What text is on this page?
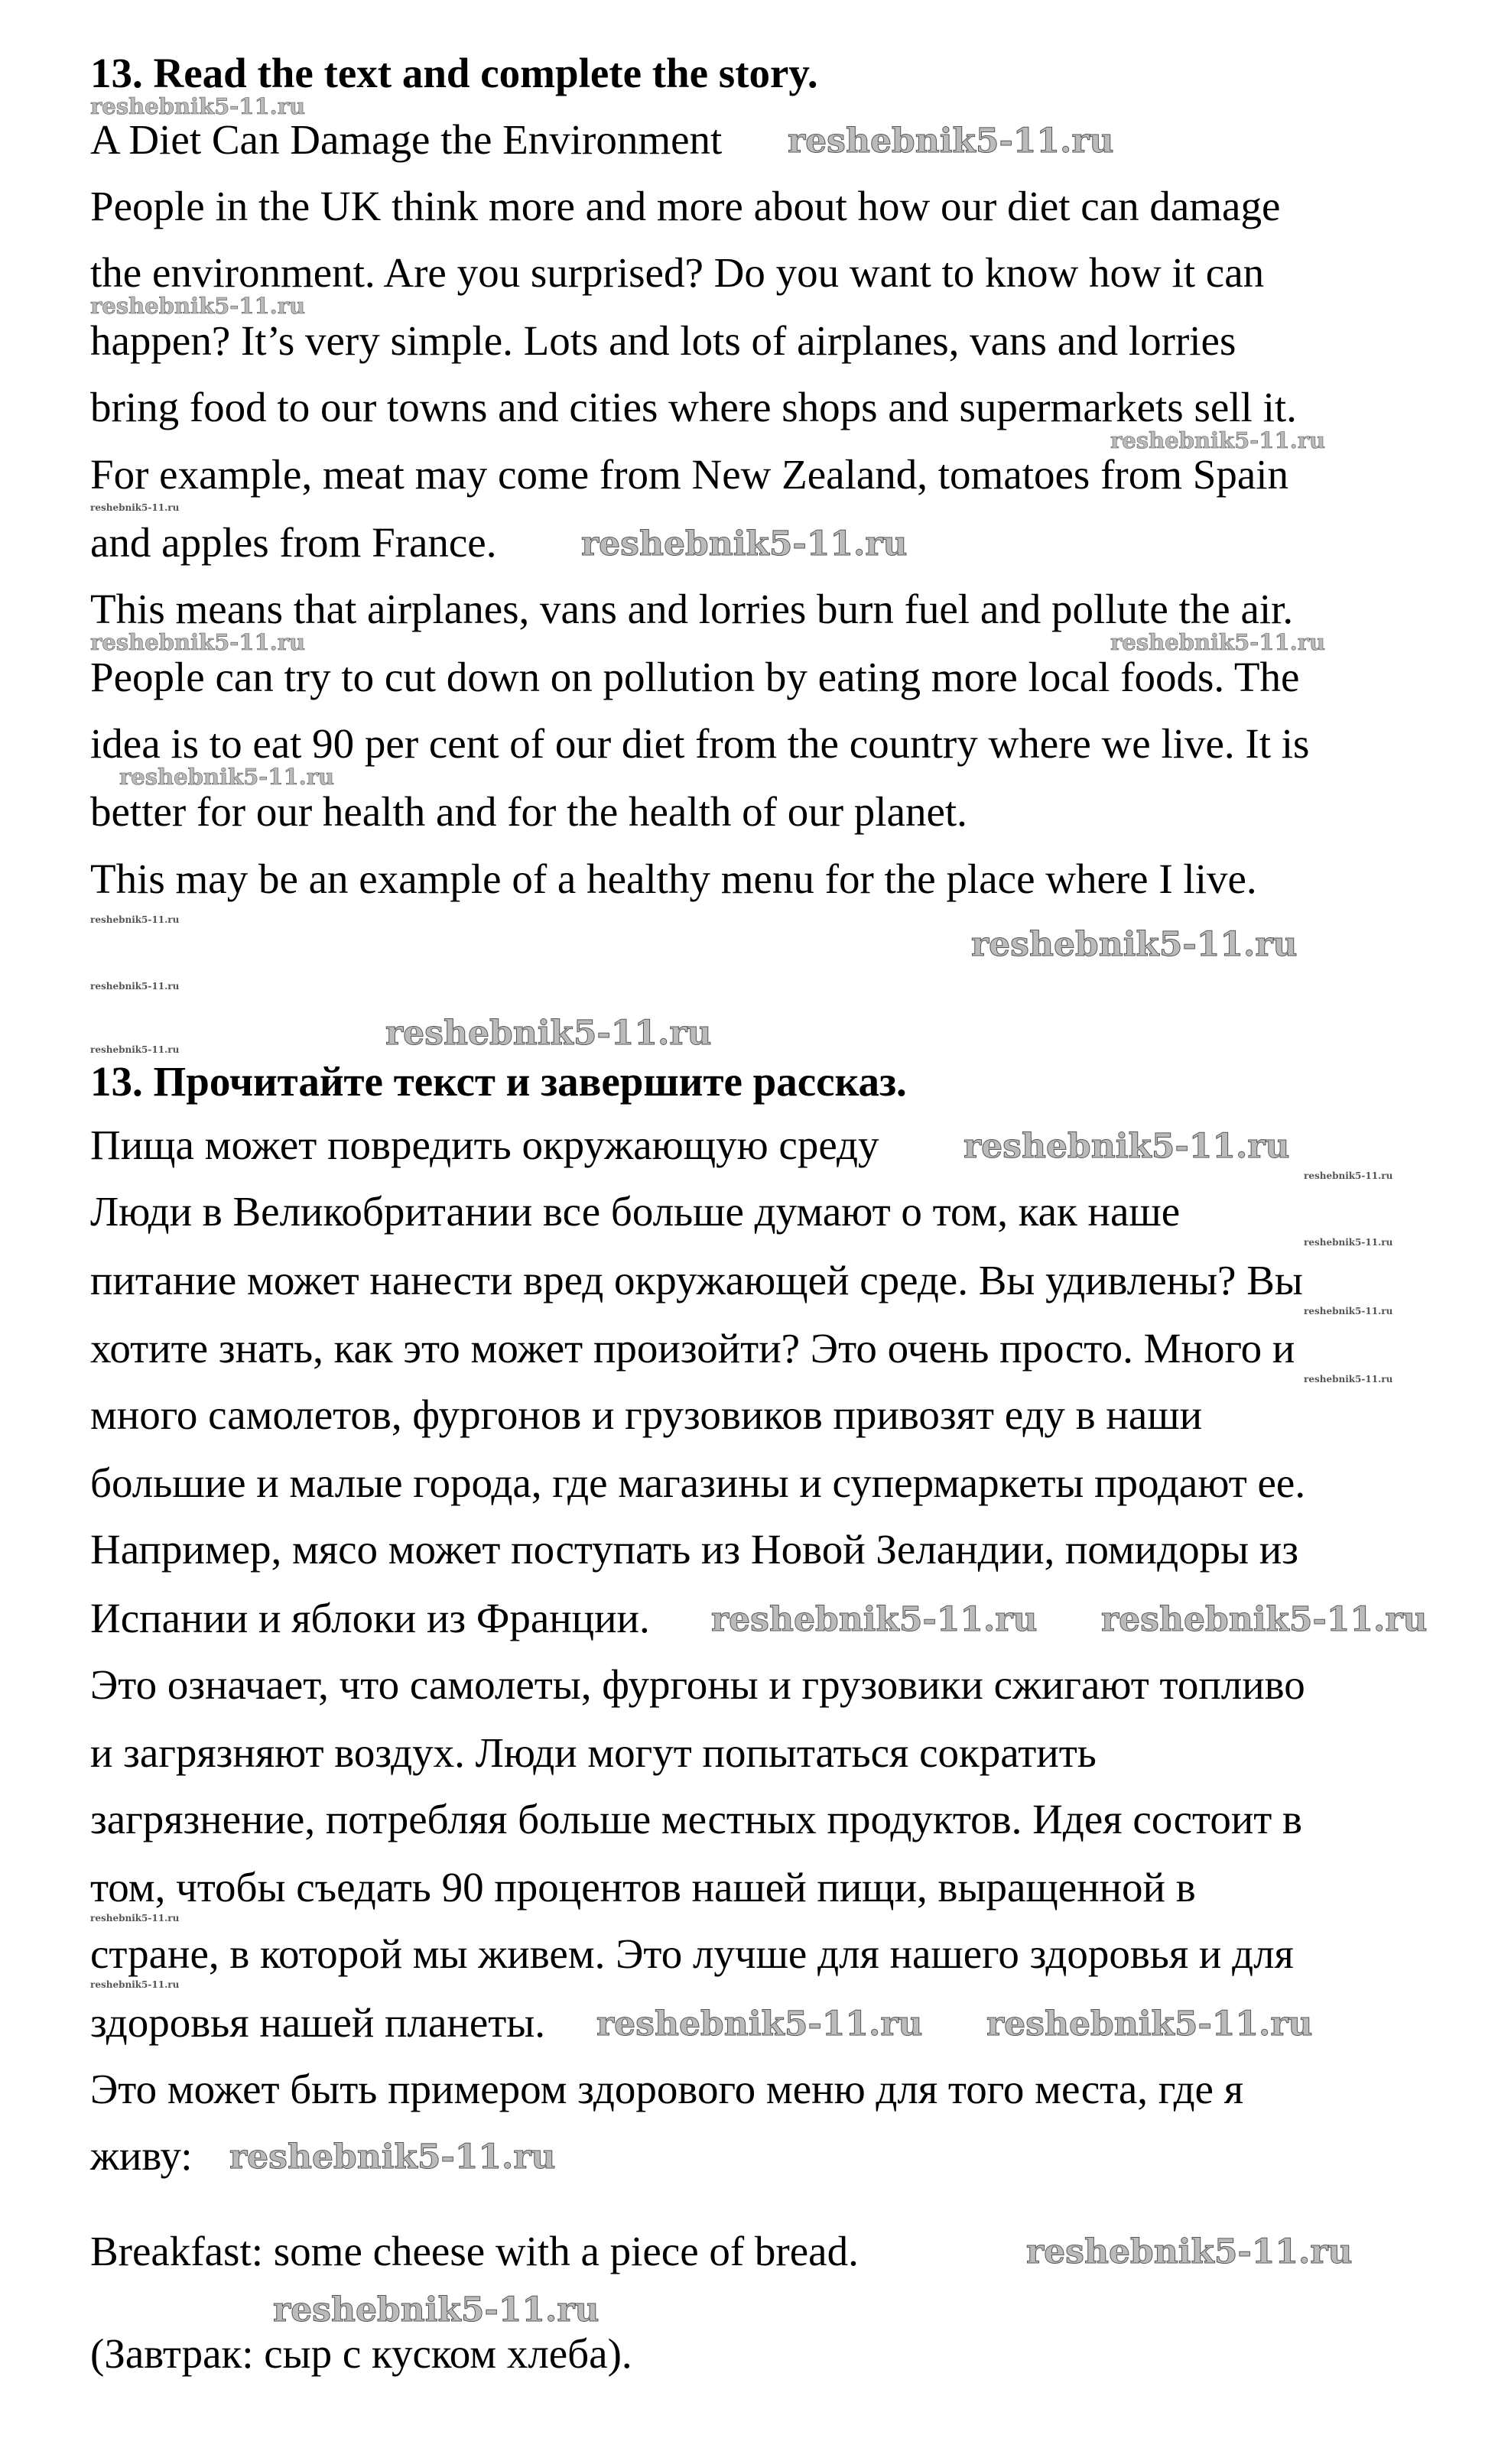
13. Read the text and complete the story.
A Diet Can Damage the Environment
People in the UK think more and more about how our diet can damage
the environment. Are you surprised? Do you want to know how it can
happen? It’s very simple. Lots and lots of airplanes, vans and lorries
bring food to our towns and cities where shops and supermarkets sell it.
For example, meat may come from New Zealand, tomatoes from Spain
and apples from France.
This means that airplanes, vans and lorries burn fuel and pollute the air.
People can try to cut down on pollution by eating more local foods. The
idea is to eat 90 per cent of our diet from the country where we live. It is
better for our health and for the health of our planet.
This may be an example of a healthy menu for the place where I live.
13. Прочитайте текст и завершите рассказ.
Пища может повредить окружающую среду
Люди в Великобритании все больше думают о том, как наше
питание может нанести вред окружающей среде. Вы удивлены? Вы
хотите знать, как это может произойти? Это очень просто. Много и
много самолетов, фургонов и грузовиков привозят еду в наши
большие и малые города, где магазины и супермаркеты продают ее.
Например, мясо может поступать из Новой Зеландии, помидоры из
Испании и яблоки из Франции.
Это означает, что самолеты, фургоны и грузовики сжигают топливо
и загрязняют воздух. Люди могут попытаться сократить
загрязнение, потребляя больше местных продуктов. Идея состоит в
том, чтобы съедать 90 процентов нашей пищи, выращенной в
стране, в которой мы живем. Это лучше для нашего здоровья и для
здоровья нашей планеты.
Это может быть примером здорового меню для того места, где я
живу:
Breakfast: some cheese with a piece of bread.
(Завтрак: сыр с куском хлеба).
reshebnik5-11.ru
reshebnik5-11.ru
reshebnik5-11.ru
reshebnik5-11.ru
reshebnik5-11.ru
reshebnik5-11.ru
reshebnik5-11.ru	reshebnik5-11.ru
reshebnik5-11.ru
reshebnik5-11.ru
reshebnik5-11.ru
reshebnik5-11.ru
reshebnik5-11.ru
reshebnik5-11.ru
reshebnik5-11.ru
reshebnik5-11.ru
reshebnik5-11.ru
reshebnik5-11.ru
reshebnik5-11.ru
reshebnik5-11.ru reshebnik5-11.ru
reshebnik5-11.ru
reshebnik5-11.ru
reshebnik5-11.ru reshebnik5-11.ru
reshebnik5-11.ru
reshebnik5-11.ru
reshebnik5-11.ru
